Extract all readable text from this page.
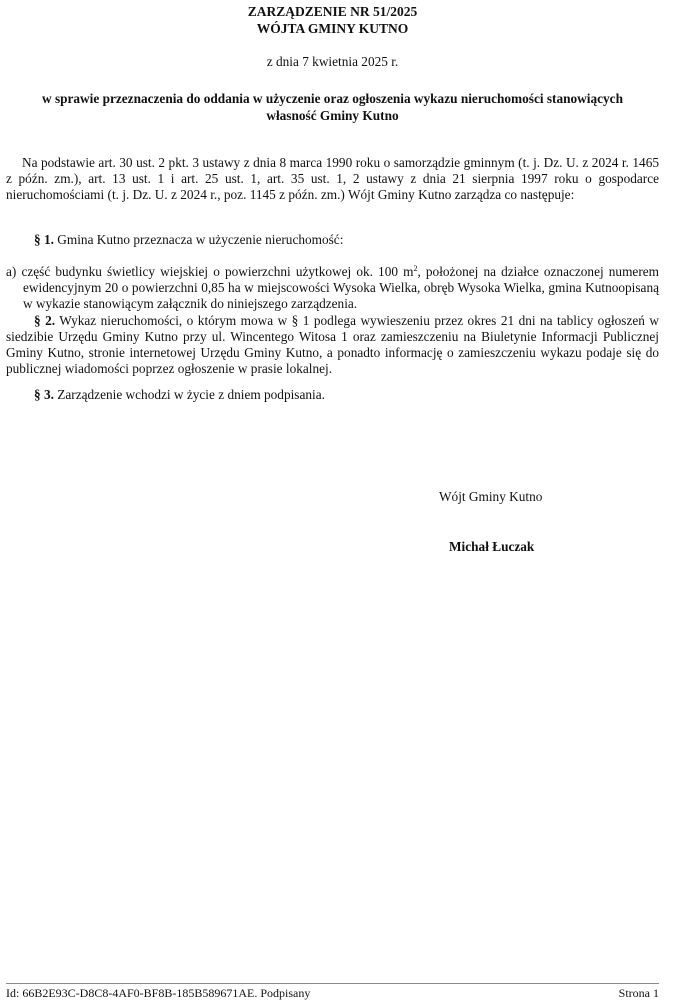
ZARZĄDZENIE NR 51/2025
WÓJTA GMINY KUTNO
z dnia 7 kwietnia 2025 r.
w sprawie przeznaczenia do oddania w użyczenie oraz ogłoszenia wykazu nieruchomości stanowiących
własność Gminy Kutno
Na podstawie art. 30 ust. 2 pkt. 3 ustawy z dnia 8 marca 1990 roku o samorządzie gminnym (t. j. Dz. U. z 2024 r. 1465 z późn. zm.), art. 13 ust. 1 i art. 25 ust. 1, art. 35 ust. 1, 2 ustawy z dnia 21 sierpnia 1997 roku o gospodarce nieruchomościami (t. j. Dz. U. z 2024 r., poz. 1145 z późn. zm.) Wójt Gminy Kutno zarządza co następuje:
§ 1. Gmina Kutno przeznacza w użyczenie nieruchomość:
a) część budynku świetlicy wiejskiej o powierzchni użytkowej ok. 100 $m^2$, położonej na działce oznaczonej numerem ewidencyjnym 20 o powierzchni 0,85 ha w miejscowości Wysoka Wielka, obręb Wysoka Wielka, gmina Kutnoopisaną w wykazie stanowiącym załącznik do niniejszego zarządzenia.
§ 2. Wykaz nieruchomości, o którym mowa w § 1 podlega wywieszeniu przez okres 21 dni na tablicy ogłoszeń w siedzibie Urzędu Gminy Kutno przy ul. Wincentego Witosa 1 oraz zamieszczeniu na Biuletynie Informacji Publicznej Gminy Kutno, stronie internetowej Urzędu Gminy Kutno, a ponadto informację o zamieszczeniu wykazu podaje się do publicznej wiadomości poprzez ogłoszenie w prasie lokalnej.
§ 3. Zarządzenie wchodzi w życie z dniem podpisania.
Wójt Gminy Kutno
Michał Łuczak
Id: 66B2E93C-D8C8-4AF0-BF8B-185B589671AE. Podpisany	Strona 1
